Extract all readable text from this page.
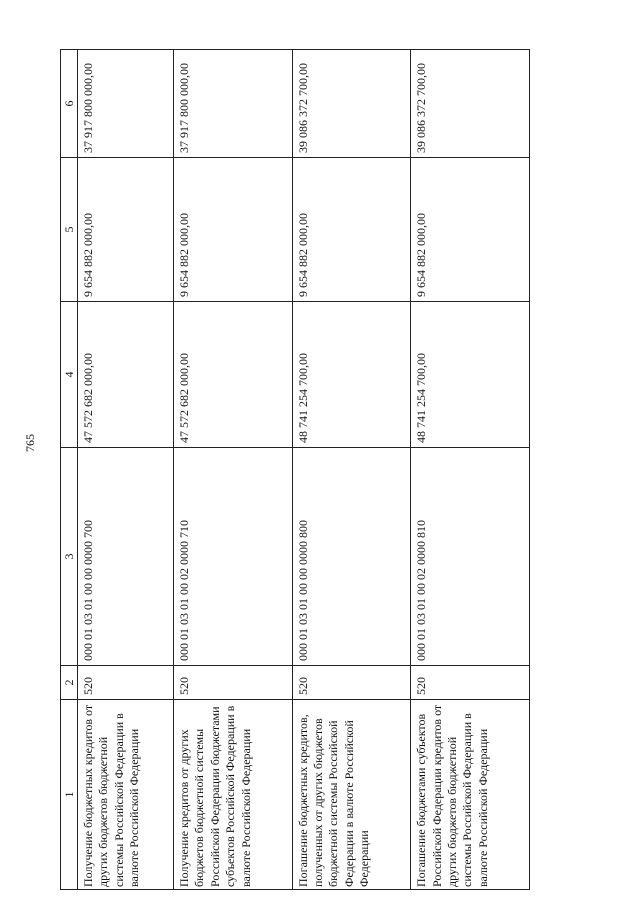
765
1	2	3	4	5	6
Получение бюджетных кредитов от других бюджетов бюджетной системы Российской Федерации в валюте Российской Федерации	520	000 01 03 01 00 00 0000 700	47 572 682 000,00	9 654 882 000,00	37 917 800 000,00
Получение кредитов от других бюджетов бюджетной системы Российской Федерации бюджетами субъектов Российской Федерации в валюте Российской Федерации	520	000 01 03 01 00 02 0000 710	47 572 682 000,00	9 654 882 000,00	37 917 800 000,00
Погашение бюджетных кредитов, полученных от других бюджетов бюджетной системы Российской Федерации в валюте Российской Федерации	520	000 01 03 01 00 00 0000 800	48 741 254 700,00	9 654 882 000,00	39 086 372 700,00
Погашение бюджетами субъектов Российской Федерации кредитов от других бюджетов бюджетной системы Российской Федерации в валюте Российской Федерации	520	000 01 03 01 00 02 0000 810	48 741 254 700,00	9 654 882 000,00	39 086 372 700,00
